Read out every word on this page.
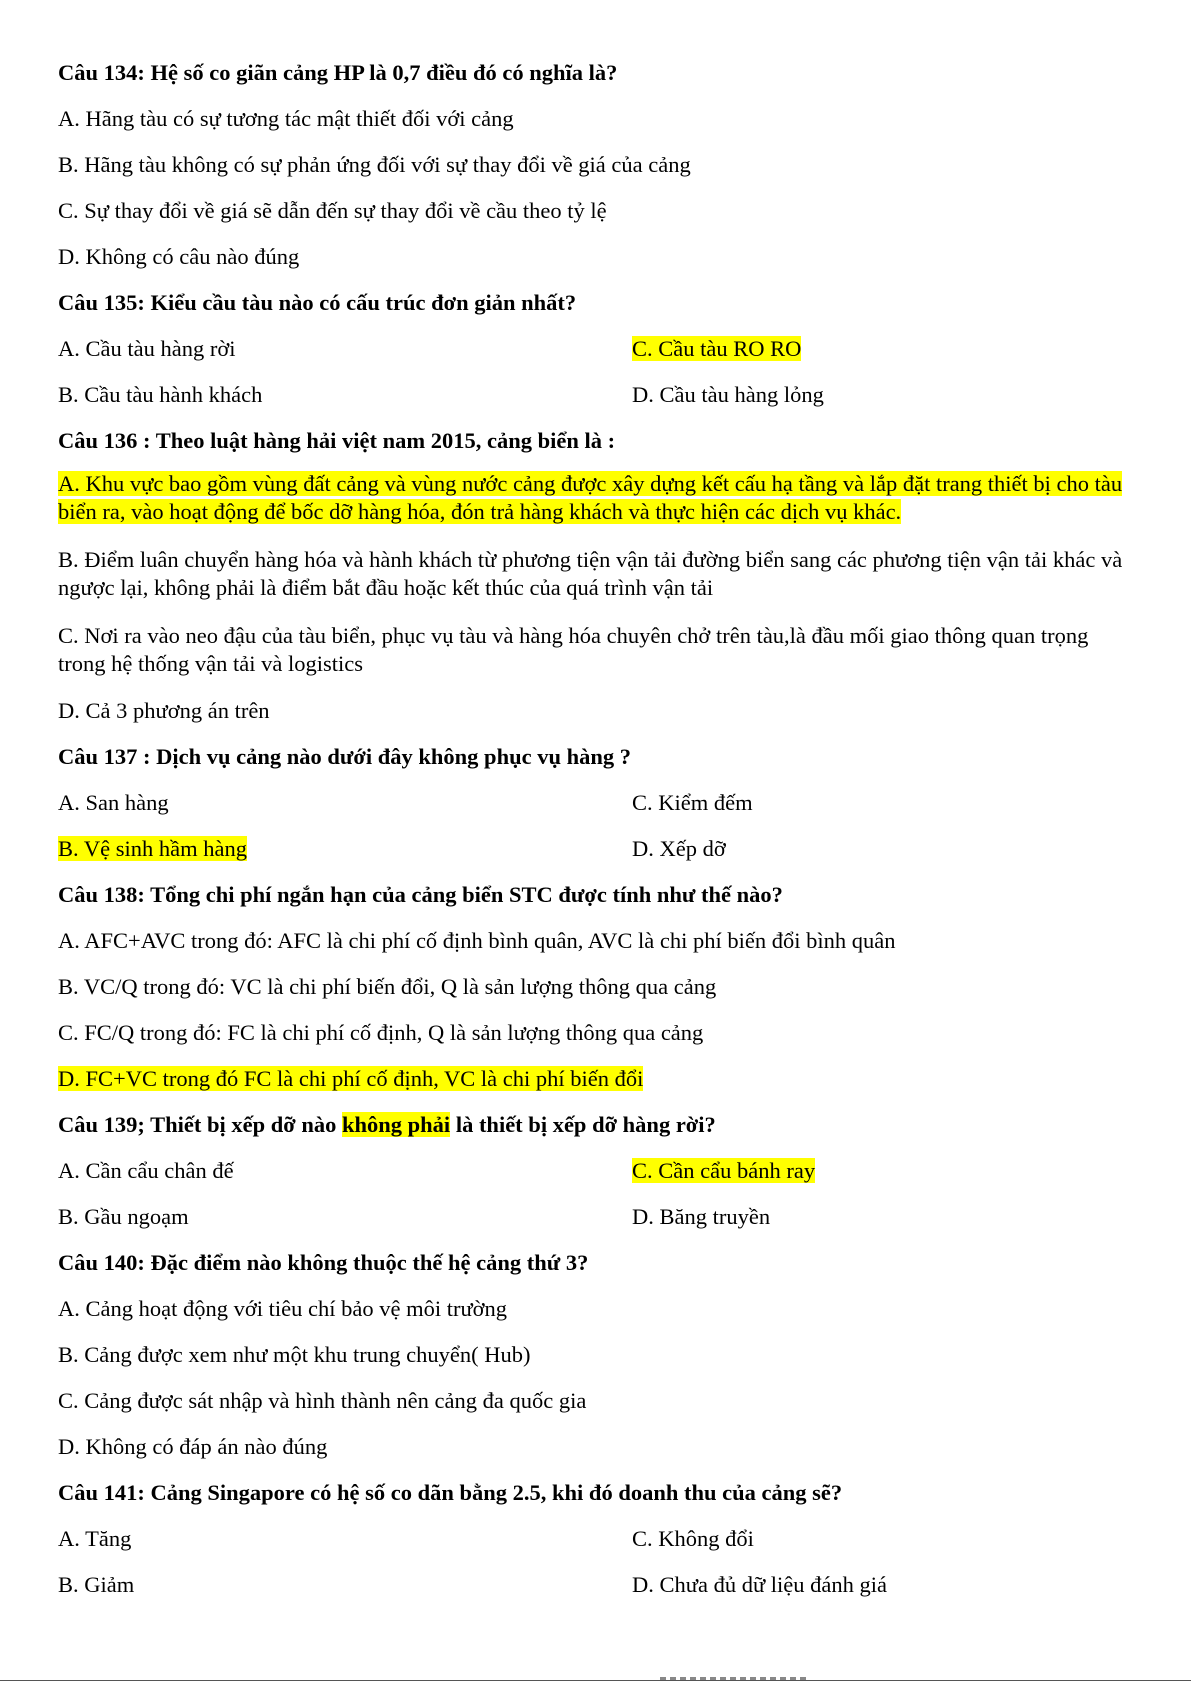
Câu 134: Hệ số co giãn cảng HP là 0,7 điều đó có nghĩa là?
A. Hãng tàu có sự tương tác mật thiết đối với cảng
B. Hãng tàu không có sự phản ứng đối với sự thay đổi về giá của cảng
C. Sự thay đổi về giá sẽ dẫn đến sự thay đổi về cầu theo tỷ lệ
D. Không có câu nào đúng
Câu 135: Kiểu cầu tàu nào có cấu trúc đơn giản nhất?
A. Cầu tàu hàng rời	C. Cầu tàu RO RO
B. Cầu tàu hành khách	D. Cầu tàu hàng lỏng
Câu 136 : Theo luật hàng hải việt nam 2015, cảng biển là :
A. Khu vực bao gồm vùng đất cảng và vùng nước cảng được xây dựng kết cấu hạ tầng và lắp đặt trang thiết bị cho tàu biển ra, vào hoạt động để bốc dỡ hàng hóa, đón trả hàng khách và thực hiện các dịch vụ khác.
B. Điểm luân chuyển hàng hóa và hành khách từ phương tiện vận tải đường biển sang các phương tiện vận tải khác và ngược lại, không phải là điểm bắt đầu hoặc kết thúc của quá trình vận tải
C. Nơi ra vào neo đậu của tàu biển, phục vụ tàu và hàng hóa chuyên chở trên tàu,là đầu mối giao thông quan trọng trong hệ thống vận tải và logistics
D. Cả 3 phương án trên
Câu 137 : Dịch vụ cảng nào dưới đây không phục vụ hàng ?
A. San hàng	C. Kiểm đếm
B. Vệ sinh hầm hàng	D. Xếp dỡ
Câu 138: Tổng chi phí ngắn hạn của cảng biển STC được tính như thế nào?
A. AFC+AVC trong đó: AFC là chi phí cố định bình quân, AVC là chi phí biến đổi bình quân
B. VC/Q trong đó: VC là chi phí biến đổi, Q là sản lượng thông qua cảng
C. FC/Q trong đó: FC là chi phí cố định, Q là sản lượng thông qua cảng
D. FC+VC trong đó FC là chi phí cố định, VC là chi phí biến đổi
Câu 139; Thiết bị xếp dỡ nào không phải là thiết bị xếp dỡ hàng rời?
A. Cần cẩu chân đế	C. Cần cẩu bánh ray
B. Gầu ngoạm	D. Băng truyền
Câu 140: Đặc điểm nào không thuộc thế hệ cảng thứ 3?
A. Cảng hoạt động với tiêu chí bảo vệ môi trường
B. Cảng được xem như một khu trung chuyển( Hub)
C. Cảng được sát nhập và hình thành nên cảng đa quốc gia
D. Không có đáp án nào đúng
Câu 141: Cảng Singapore có hệ số co dãn bằng 2.5, khi đó doanh thu của cảng sẽ?
A. Tăng	C. Không đổi
B. Giảm	D. Chưa đủ dữ liệu đánh giá
